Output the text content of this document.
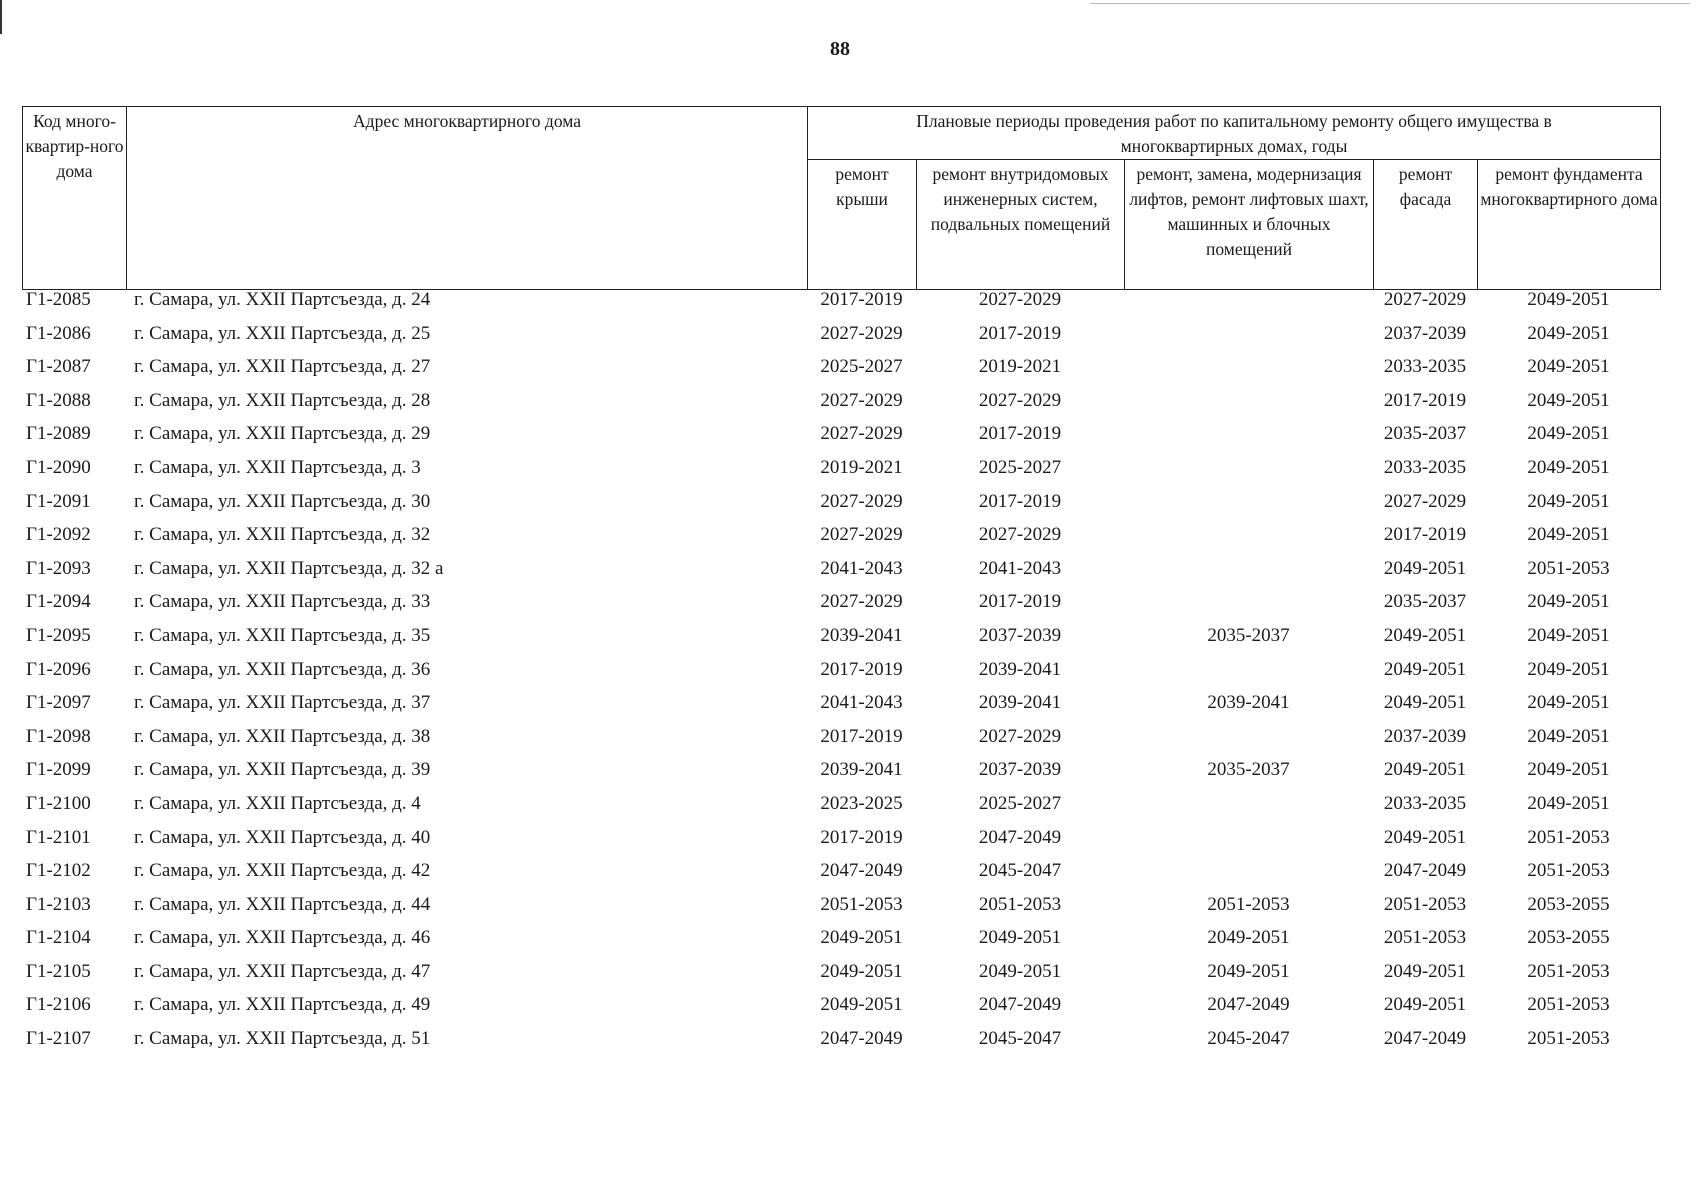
88
Код много-квартир-ного дома	Адрес многоквартирного дома	Плановые периоды проведения работ по капитальному ремонту общего имущества в многоквартирных домах, годы				
		ремонт крыши	ремонт внутридомовых инженерных систем, подвальных помещений	ремонт, замена, модернизация лифтов, ремонт лифтовых шахт, машинных и блочных помещений	ремонт фасада	ремонт фундамента многоквартирного дома
Г1-2085	г. Самара, ул. XXII Партсъезда, д. 24	2017-2019	2027-2029		2027-2029	2049-2051
Г1-2086	г. Самара, ул. XXII Партсъезда, д. 25	2027-2029	2017-2019		2037-2039	2049-2051
Г1-2087	г. Самара, ул. XXII Партсъезда, д. 27	2025-2027	2019-2021		2033-2035	2049-2051
Г1-2088	г. Самара, ул. XXII Партсъезда, д. 28	2027-2029	2027-2029		2017-2019	2049-2051
Г1-2089	г. Самара, ул. XXII Партсъезда, д. 29	2027-2029	2017-2019		2035-2037	2049-2051
Г1-2090	г. Самара, ул. XXII Партсъезда, д. 3	2019-2021	2025-2027		2033-2035	2049-2051
Г1-2091	г. Самара, ул. XXII Партсъезда, д. 30	2027-2029	2017-2019		2027-2029	2049-2051
Г1-2092	г. Самара, ул. XXII Партсъезда, д. 32	2027-2029	2027-2029		2017-2019	2049-2051
Г1-2093	г. Самара, ул. XXII Партсъезда, д. 32 а	2041-2043	2041-2043		2049-2051	2051-2053
Г1-2094	г. Самара, ул. XXII Партсъезда, д. 33	2027-2029	2017-2019		2035-2037	2049-2051
Г1-2095	г. Самара, ул. XXII Партсъезда, д. 35	2039-2041	2037-2039	2035-2037	2049-2051	2049-2051
Г1-2096	г. Самара, ул. XXII Партсъезда, д. 36	2017-2019	2039-2041		2049-2051	2049-2051
Г1-2097	г. Самара, ул. XXII Партсъезда, д. 37	2041-2043	2039-2041	2039-2041	2049-2051	2049-2051
Г1-2098	г. Самара, ул. XXII Партсъезда, д. 38	2017-2019	2027-2029		2037-2039	2049-2051
Г1-2099	г. Самара, ул. XXII Партсъезда, д. 39	2039-2041	2037-2039	2035-2037	2049-2051	2049-2051
Г1-2100	г. Самара, ул. XXII Партсъезда, д. 4	2023-2025	2025-2027		2033-2035	2049-2051
Г1-2101	г. Самара, ул. XXII Партсъезда, д. 40	2017-2019	2047-2049		2049-2051	2051-2053
Г1-2102	г. Самара, ул. XXII Партсъезда, д. 42	2047-2049	2045-2047		2047-2049	2051-2053
Г1-2103	г. Самара, ул. XXII Партсъезда, д. 44	2051-2053	2051-2053	2051-2053	2051-2053	2053-2055
Г1-2104	г. Самара, ул. XXII Партсъезда, д. 46	2049-2051	2049-2051	2049-2051	2051-2053	2053-2055
Г1-2105	г. Самара, ул. XXII Партсъезда, д. 47	2049-2051	2049-2051	2049-2051	2049-2051	2051-2053
Г1-2106	г. Самара, ул. XXII Партсъезда, д. 49	2049-2051	2047-2049	2047-2049	2049-2051	2051-2053
Г1-2107	г. Самара, ул. XXII Партсъезда, д. 51	2047-2049	2045-2047	2045-2047	2047-2049	2051-2053
